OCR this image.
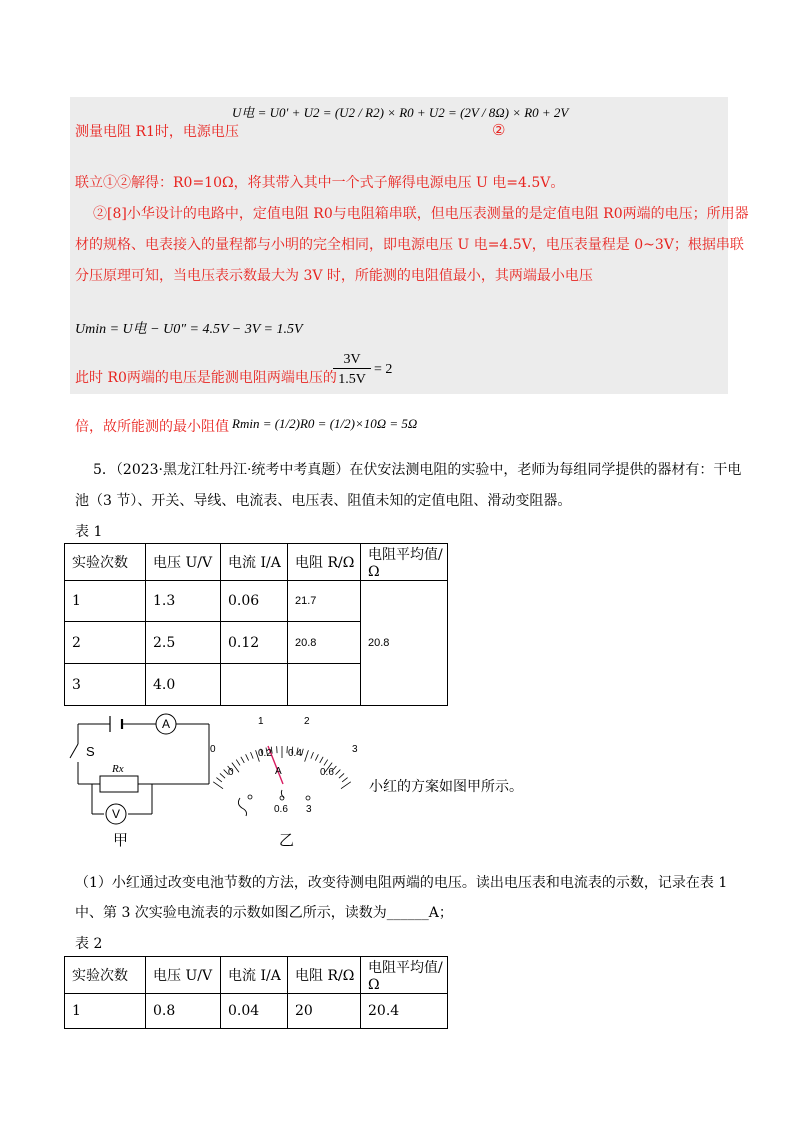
测量电阻 R1时，电源电压
U电 = U0′ + U2 = (U2 / R2) × R0 + U2 = (2V / 8Ω) × R0 + 2V
②
联立①②解得：R0=10Ω，将其带入其中一个式子解得电源电压 U 电=4.5V。
②[8]小华设计的电路中，定值电阻 R0与电阻箱串联，但电压表测量的是定值电阻 R0两端的电压；所用器
材的规格、电表接入的量程都与小明的完全相同，即电源电压 U 电=4.5V，电压表量程是 0~3V；根据串联
分压原理可知，当电压表示数最大为 3V 时，所能测的电阻值最小，其两端最小电压
Umin = U电 − U0″ = 4.5V − 3V = 1.5V
此时 R0两端的电压是能测电阻两端电压的
3V
1.5V
= 2
倍，故所能测的最小阻值 Rmin = (1/2)R0 = (1/2)×10Ω = 5Ω
5．（2023·黑龙江牡丹江·统考中考真题）在伏安法测电阻的实验中，老师为每组同学提供的器材有：干电
池（3 节）、开关、导线、电流表、电压表、阻值未知的定值电阻、滑动变阻器。
表 1
实验次数	电压 U/V	电流 I/A	电阻 R/Ω	电阻平均值/Ω
1	1.3	0.06	21.7	20.8
2	2.5	0.12	20.8	
3	4.0			
A
V
S
Rx
甲
1	2
0	3
0
0.2 0.4
0.6
A
0.6 3
乙
小红的方案如图甲所示。
（1）小红通过改变电池节数的方法，改变待测电阻两端的电压。读出电压表和电流表的示数，记录在表 1
中、第 3 次实验电流表的示数如图乙所示，读数为______A；
表 2
实验次数	电压 U/V	电流 I/A	电阻 R/Ω	电阻平均值/Ω
1	0.8	0.04	20	20.4
